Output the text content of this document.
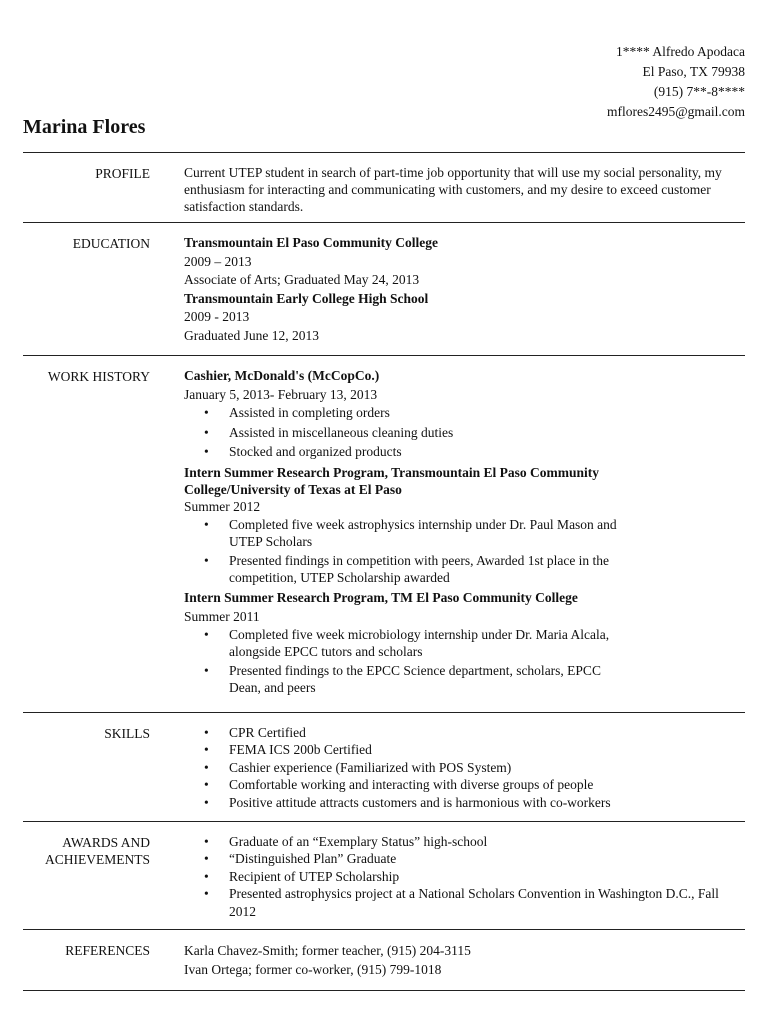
1**** Alfredo Apodaca
El Paso, TX 79938
(915) 7**-8****
mflores2495@gmail.com
Marina Flores
PROFILE	Current UTEP student in search of part-time job opportunity that will use my social personality, my enthusiasm for interacting and communicating with customers, and my desire to exceed customer satisfaction standards.
EDUCATION	Transmountain El Paso Community College
2009 – 2013
Associate of Arts; Graduated May 24, 2013
Transmountain Early College High School
2009 - 2013
Graduated June 12, 2013
WORK HISTORY	Cashier, McDonald's (McCopCo.)
January 5, 2013- February 13, 2013
• Assisted in completing orders
• Assisted in miscellaneous cleaning duties
• Stocked and organized products
Intern Summer Research Program, Transmountain El Paso Community College/University of Texas at El Paso
Summer 2012
• Completed five week astrophysics internship under Dr. Paul Mason and UTEP Scholars
• Presented findings in competition with peers, Awarded 1st place in the competition, UTEP Scholarship awarded
Intern Summer Research Program, TM El Paso Community College
Summer 2011
• Completed five week microbiology internship under Dr. Maria Alcala, alongside EPCC tutors and scholars
• Presented findings to the EPCC Science department, scholars, EPCC Dean, and peers
SKILLS
•	CPR Certified
• FEMA ICS 200b Certified
• Cashier experience (Familiarized with POS System)
• Comfortable working and interacting with diverse groups of people
• Positive attitude attracts customers and is harmonious with co-workers
AWARDS AND
ACHIEVEMENTS
• Graduate of an “Exemplary Status” high-school
• “Distinguished Plan” Graduate
• Recipient of UTEP Scholarship
• Presented astrophysics project at a National Scholars Convention in Washington D.C., Fall 2012
REFERENCES	Karla Chavez-Smith; former teacher, (915) 204-3115
Ivan Ortega; former co-worker, (915) 799-1018
